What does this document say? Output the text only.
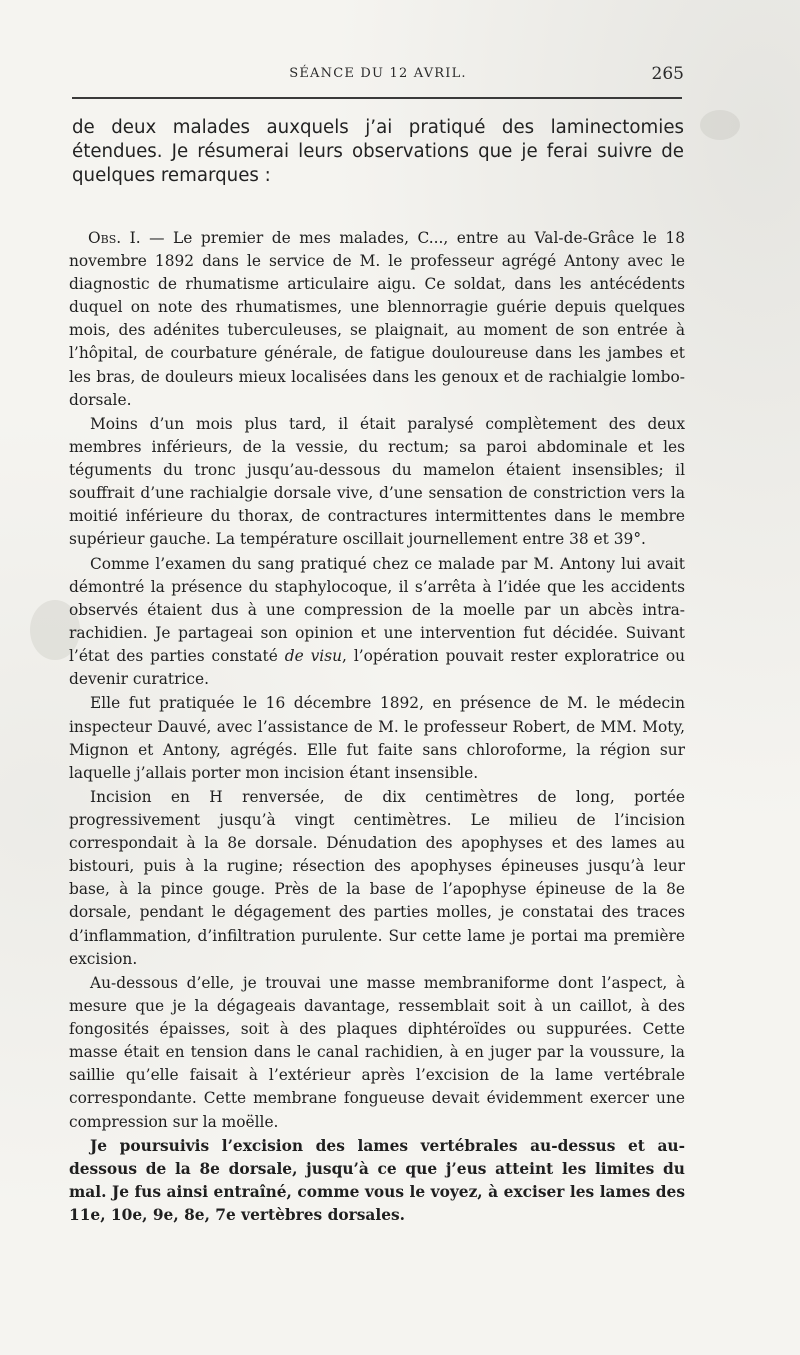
SÉANCE DU 12 AVRIL.	265
de deux malades auxquels j’ai pratiqué des laminectomies étendues. Je résumerai leurs observations que je ferai suivre de quelques remarques :

Obs. I. — Le premier de mes malades, C..., entre au Val-de-Grâce le 18 novembre 1892 dans le service de M. le professeur agrégé Antony avec le diagnostic de rhumatisme articulaire aigu. Ce soldat, dans les antécédents duquel on note des rhumatismes, une blennorragie guérie depuis quelques mois, des adénites tuberculeuses, se plaignait, au moment de son entrée à l’hôpital, de courbature générale, de fatigue douloureuse dans les jambes et les bras, de douleurs mieux localisées dans les genoux et de rachialgie lombo-dorsale.

Moins d’un mois plus tard, il était paralysé complètement des deux membres inférieurs, de la vessie, du rectum; sa paroi abdominale et les téguments du tronc jusqu’au-dessous du mamelon étaient insensibles; il souffrait d’une rachialgie dorsale vive, d’une sensation de constriction vers la moitié inférieure du thorax, de contractures intermittentes dans le membre supérieur gauche. La température oscillait journellement entre 38 et 39°.

Comme l’examen du sang pratiqué chez ce malade par M. Antony lui avait démontré la présence du staphylocoque, il s’arrêta à l’idée que les accidents observés étaient dus à une compression de la moelle par un abcès intra-rachidien. Je partageai son opinion et une intervention fut décidée. Suivant l’état des parties constaté de visu, l’opération pouvait rester exploratrice ou devenir curatrice.

Elle fut pratiquée le 16 décembre 1892, en présence de M. le médecin inspecteur Dauvé, avec l’assistance de M. le professeur Robert, de MM. Moty, Mignon et Antony, agrégés. Elle fut faite sans chloroforme, la région sur laquelle j’allais porter mon incision étant insensible.

Incision en H renversée, de dix centimètres de long, portée progressivement jusqu’à vingt centimètres. Le milieu de l’incision correspondait à la 8e dorsale. Dénudation des apophyses et des lames au bistouri, puis à la rugine; résection des apophyses épineuses jusqu’à leur base, à la pince gouge. Près de la base de l’apophyse épineuse de la 8e dorsale, pendant le dégagement des parties molles, je constatai des traces d’inflammation, d’infiltration purulente. Sur cette lame je portai ma première excision.

Au-dessous d’elle, je trouvai une masse membraniforme dont l’aspect, à mesure que je la dégageais davantage, ressemblait soit à un caillot, à des fongosités épaisses, soit à des plaques diphtéroïdes ou suppurées. Cette masse était en tension dans le canal rachidien, à en juger par la voussure, la saillie qu’elle faisait à l’extérieur après l’excision de la lame vertébrale correspondante. Cette membrane fongueuse devait évidemment exercer une compression sur la moëlle.

Je poursuivis l’excision des lames vertébrales au-dessus et au-dessous de la 8e dorsale, jusqu’à ce que j’eus atteint les limites du mal. Je fus ainsi entraîné, comme vous le voyez, à exciser les lames des 11e, 10e, 9e, 8e, 7e vertèbres dorsales.
